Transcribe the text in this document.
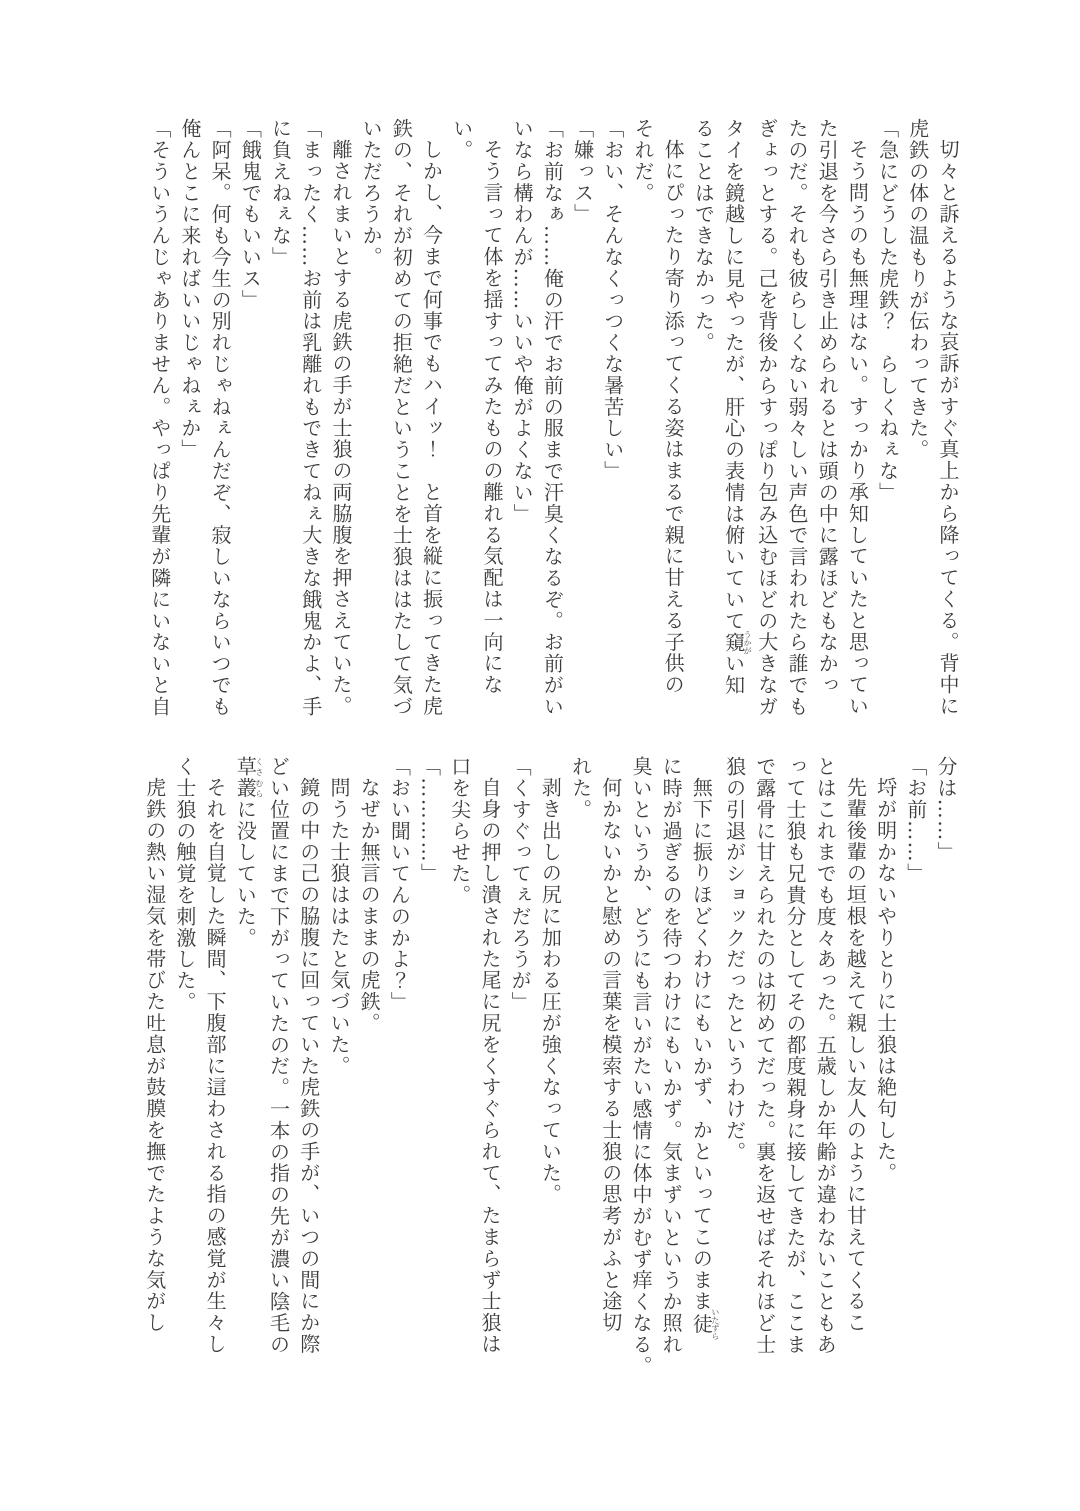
切々と訴えるような哀訴がすぐ真上から降ってくる。背中に

虎鉄の体の温もりが伝わってきた。

「急にどうした虎鉄？　らしくねぇな」

そう問うのも無理はない。すっかり承知していたと思ってい

た引退を今さら引き止められるとは頭の中に露ほどもなかっ

たのだ。それも彼らしくない弱々しい声色で言われたら誰でも

ぎょっとする。己を背後からすっぽり包み込むほどの大きなガ

タイを鏡越しに見やったが、肝心の表情は俯いていて窺うかがい知

ることはできなかった。

体にぴったり寄り添ってくる姿はまるで親に甘える子供の

それだ。

「おい、そんなくっつくな暑苦しい」

「嫌っス」

「お前なぁ……俺の汗でお前の服まで汗臭くなるぞ。お前がい

いなら構わんが……いいや俺がよくない」

そう言って体を揺すってみたものの離れる気配は一向にな

い。

しかし、今まで何事でもハイッ！　と首を縦に振ってきた虎

鉄の、それが初めての拒絶だということを士狼ははたして気づ

いただろうか。

離されまいとする虎鉄の手が士狼の両脇腹を押さえていた。

「まったく……お前は乳離れもできてねぇ大きな餓鬼かよ、手

に負えねぇな」

「餓鬼でもいいス」

「阿呆。何も今生の別れじゃねぇんだぞ、寂しいならいつでも

俺んとこに来ればいいじゃねぇか」

「そういうんじゃありません。やっぱり先輩が隣にいないと自

分は……」

「お前……」

埒が明かないやりとりに士狼は絶句した。

先輩後輩の垣根を越えて親しい友人のように甘えてくるこ

とはこれまでも度々あった。五歳しか年齢が違わないこともあ

って士狼も兄貴分としてその都度親身に接してきたが、ここま

で露骨に甘えられたのは初めてだった。裏を返せばそれほど士

狼の引退がショックだったというわけだ。

無下に振りほどくわけにもいかず、かといってこのまま徒いたずら

に時が過ぎるのを待つわけにもいかず。気まずいというか照れ

臭いというか、どうにも言いがたい感情に体中がむず痒くなる。

何かないかと慰めの言葉を模索する士狼の思考がふと途切

れた。

剥き出しの尻に加わる圧が強くなっていた。

「くすぐってぇだろうが」

自身の押し潰された尾に尻をくすぐられて、たまらず士狼は

口を尖らせた。

「…………」

「おい聞いてんのかよ？」

なぜか無言のままの虎鉄。

問うた士狼ははたと気づいた。

鏡の中の己の脇腹に回っていた虎鉄の手が、いつの間にか際

どい位置にまで下がっていたのだ。一本の指の先が濃い陰毛の

草叢くさむらに没していた。

それを自覚した瞬間、下腹部に這わされる指の感覚が生々し

く士狼の触覚を刺激した。

虎鉄の熱い湿気を帯びた吐息が鼓膜を撫でたような気がし
